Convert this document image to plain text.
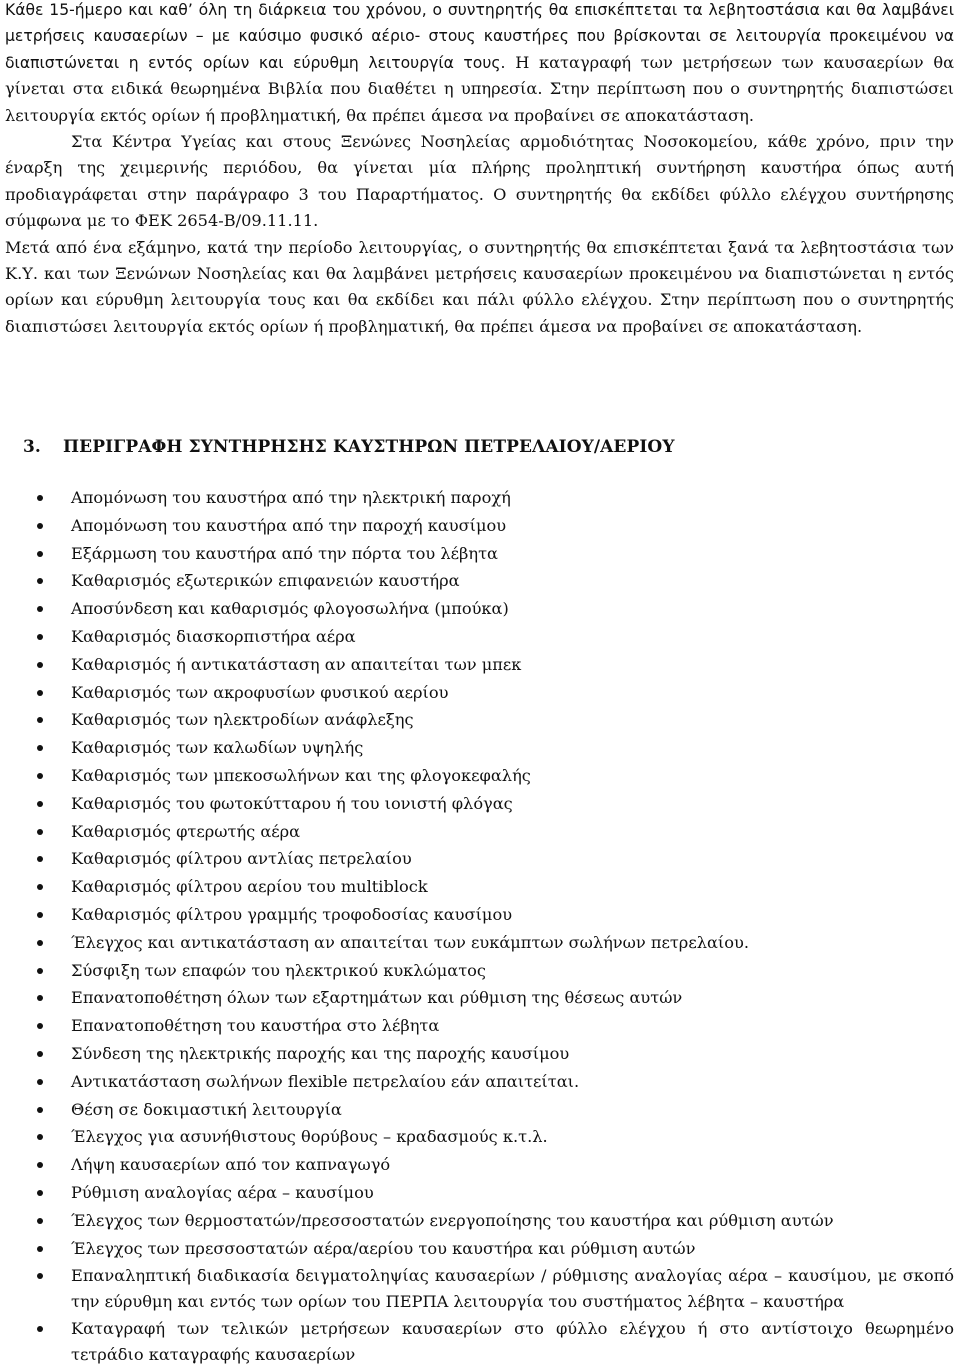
Κάθε 15-ήμερο και καθ’ όλη τη διάρκεια του χρόνου, ο συντηρητής θα επισκέπτεται τα λεβητοστάσια και θα λαμβάνει μετρήσεις καυσαερίων – με καύσιμο φυσικό αέριο- στους καυστήρες που βρίσκονται σε λειτουργία προκειμένου να διαπιστώνεται η εντός ορίων και εύρυθμη λειτουργία τους. Η καταγραφή των μετρήσεων των καυσαερίων θα γίνεται στα ειδικά θεωρημένα Βιβλία που διαθέτει η υπηρεσία. Στην περίπτωση που ο συντηρητής διαπιστώσει λειτουργία εκτός ορίων ή προβληματική, θα πρέπει άμεσα να προβαίνει σε αποκατάσταση.

Στα Κέντρα Υγείας και στους Ξενώνες Νοσηλείας αρμοδιότητας Νοσοκομείου, κάθε χρόνο, πριν την έναρξη της χειμερινής περιόδου, θα γίνεται μία πλήρης προληπτική συντήρηση καυστήρα όπως αυτή προδιαγράφεται στην παράγραφο 3 του Παραρτήματος. Ο συντηρητής θα εκδίδει φύλλο ελέγχου συντήρησης σύμφωνα με το ΦΕΚ 2654-Β/09.11.11.

Μετά από ένα εξάμηνο, κατά την περίοδο λειτουργίας, ο συντηρητής θα επισκέπτεται ξανά τα λεβητοστάσια των Κ.Υ. και των Ξενώνων Νοσηλείας και θα λαμβάνει μετρήσεις καυσαερίων προκειμένου να διαπιστώνεται η εντός ορίων και εύρυθμη λειτουργία τους και θα εκδίδει και πάλι φύλλο ελέγχου. Στην περίπτωση που ο συντηρητής διαπιστώσει λειτουργία εκτός ορίων ή προβληματική, θα πρέπει άμεσα να προβαίνει σε αποκατάσταση.

3. ΠΕΡΙΓΡΑΦΗ ΣΥΝΤΗΡΗΣΗΣ ΚΑΥΣΤΗΡΩΝ ΠΕΤΡΕΛΑΙΟΥ/ΑΕΡΙΟΥ
Απομόνωση του καυστήρα από την ηλεκτρική παροχή
Απομόνωση του καυστήρα από την παροχή καυσίμου
Εξάρμωση του καυστήρα από την πόρτα του λέβητα
Καθαρισμός εξωτερικών επιφανειών καυστήρα
Αποσύνδεση και καθαρισμός φλογοσωλήνα (μπούκα)
Καθαρισμός διασκορπιστήρα αέρα
Καθαρισμός ή αντικατάσταση αν απαιτείται των μπεκ
Καθαρισμός των ακροφυσίων φυσικού αερίου
Καθαρισμός των ηλεκτροδίων ανάφλεξης
Καθαρισμός των καλωδίων υψηλής
Καθαρισμός των μπεκοσωλήνων και της φλογοκεφαλής
Καθαρισμός του φωτοκύτταρου ή του ιονιστή φλόγας
Καθαρισμός φτερωτής αέρα
Καθαρισμός φίλτρου αντλίας πετρελαίου
Καθαρισμός φίλτρου αερίου του multiblock
Καθαρισμός φίλτρου γραμμής τροφοδοσίας καυσίμου
Έλεγχος και αντικατάσταση αν απαιτείται των ευκάμπτων σωλήνων πετρελαίου.
Σύσφιξη των επαφών του ηλεκτρικού κυκλώματος
Επανατοποθέτηση όλων των εξαρτημάτων και ρύθμιση της θέσεως αυτών
Επανατοποθέτηση του καυστήρα στο λέβητα
Σύνδεση της ηλεκτρικής παροχής και της παροχής καυσίμου
Αντικατάσταση σωλήνων flexible πετρελαίου εάν απαιτείται.
Θέση σε δοκιμαστική λειτουργία
Έλεγχος για ασυνήθιστους θορύβους – κραδασμούς κ.τ.λ.
Λήψη καυσαερίων από τον καπναγωγό
Ρύθμιση αναλογίας αέρα – καυσίμου
Έλεγχος των θερμοστατών/πρεσσοστατών ενεργοποίησης του καυστήρα και ρύθμιση αυτών
Έλεγχος των πρεσσοστατών αέρα/αερίου του καυστήρα και ρύθμιση αυτών
Επαναληπτική διαδικασία δειγματοληψίας καυσαερίων / ρύθμισης αναλογίας αέρα – καυσίμου, με σκοπό την εύρυθμη και εντός των ορίων του ΠΕΡΠΑ λειτουργία του συστήματος λέβητα – καυστήρα
Καταγραφή των τελικών μετρήσεων καυσαερίων στο φύλλο ελέγχου ή στο αντίστοιχο θεωρημένο τετράδιο καταγραφής καυσαερίων
